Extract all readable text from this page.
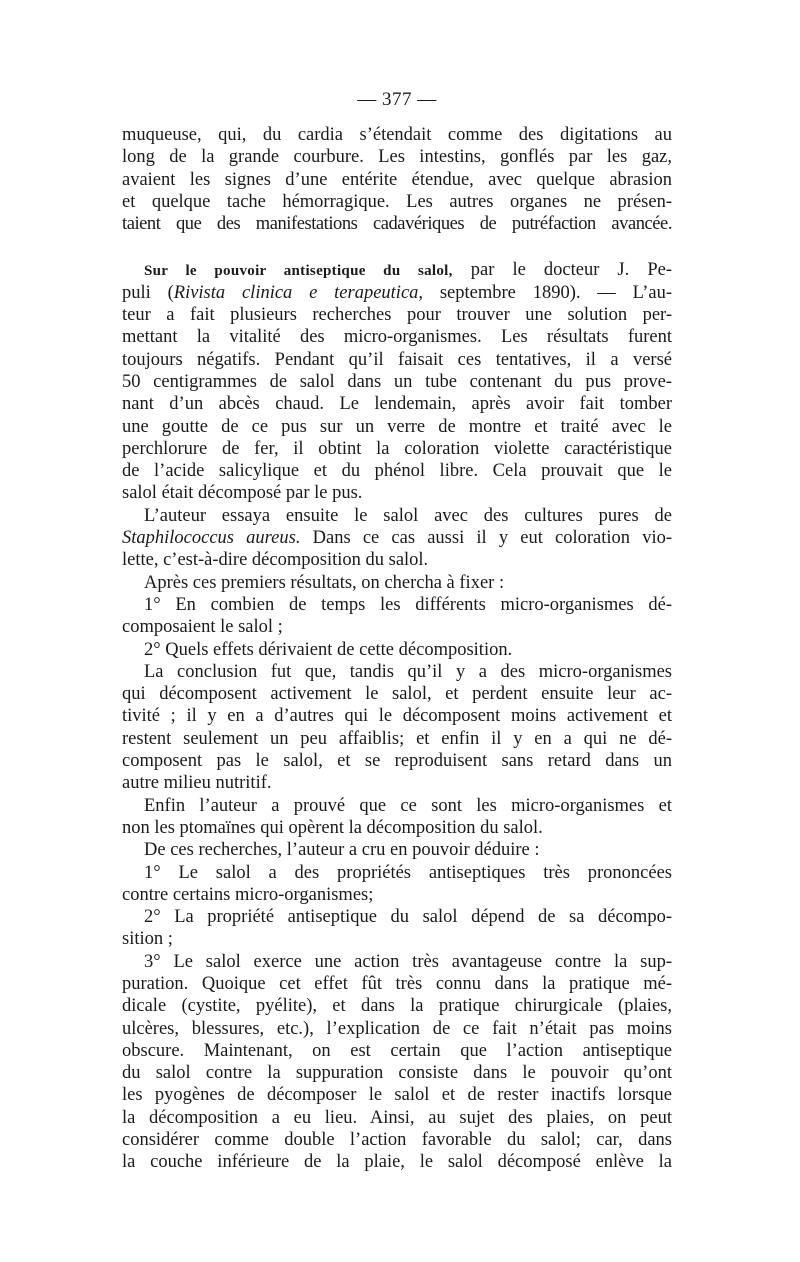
— 377 —
muqueuse, qui, du cardia s’étendait comme des digitations au
long de la grande courbure. Les intestins, gonflés par les gaz,
avaient les signes d’une entérite étendue, avec quelque abrasion
et quelque tache hémorragique. Les autres organes ne présen-
taient que des manifestations cadavériques de putréfaction avancée.
Sur le pouvoir antiseptique du salol, par le docteur J. Pe-
puli (Rivista clinica e terapeutica, septembre 1890). — L’au-
teur a fait plusieurs recherches pour trouver une solution per-
mettant la vitalité des micro-organismes. Les résultats furent
toujours négatifs. Pendant qu’il faisait ces tentatives, il a versé
50 centigrammes de salol dans un tube contenant du pus prove-
nant d’un abcès chaud. Le lendemain, après avoir fait tomber
une goutte de ce pus sur un verre de montre et traité avec le
perchlorure de fer, il obtint la coloration violette caractéristique
de l’acide salicylique et du phénol libre. Cela prouvait que le
salol était décomposé par le pus.
L’auteur essaya ensuite le salol avec des cultures pures de
Staphilococcus aureus. Dans ce cas aussi il y eut coloration vio-
lette, c’est-à-dire décomposition du salol.
Après ces premiers résultats, on chercha à fixer :
1° En combien de temps les différents micro-organismes dé-
composaient le salol ;
2° Quels effets dérivaient de cette décomposition.
La conclusion fut que, tandis qu’il y a des micro-organismes
qui décomposent activement le salol, et perdent ensuite leur ac-
tivité ; il y en a d’autres qui le décomposent moins activement et
restent seulement un peu affaiblis; et enfin il y en a qui ne dé-
composent pas le salol, et se reproduisent sans retard dans un
autre milieu nutritif.
Enfin l’auteur a prouvé que ce sont les micro-organismes et
non les ptomaïnes qui opèrent la décomposition du salol.
De ces recherches, l’auteur a cru en pouvoir déduire :
1° Le salol a des propriétés antiseptiques très prononcées
contre certains micro-organismes;
2° La propriété antiseptique du salol dépend de sa décompo-
sition ;
3° Le salol exerce une action très avantageuse contre la sup-
puration. Quoique cet effet fût très connu dans la pratique mé-
dicale (cystite, pyélite), et dans la pratique chirurgicale (plaies,
ulcères, blessures, etc.), l’explication de ce fait n’était pas moins
obscure. Maintenant, on est certain que l’action antiseptique
du salol contre la suppuration consiste dans le pouvoir qu’ont
les pyogènes de décomposer le salol et de rester inactifs lorsque
la décomposition a eu lieu. Ainsi, au sujet des plaies, on peut
considérer comme double l’action favorable du salol; car, dans
la couche inférieure de la plaie, le salol décomposé enlève la
